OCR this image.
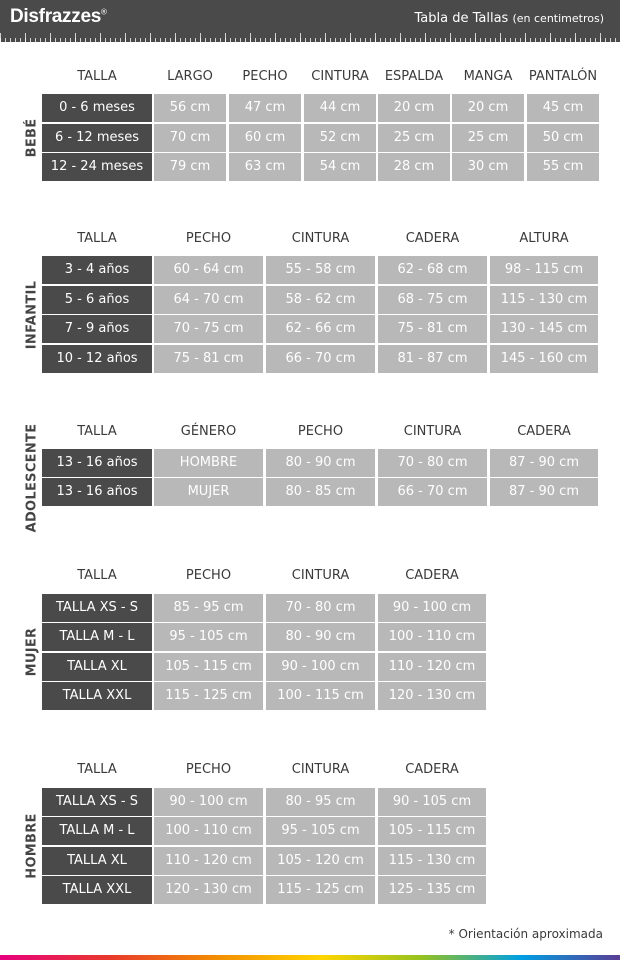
Disfrazzes®	Tabla de Tallas (en centimetros)
BEBÉ
TALLA	LARGO	PECHO	CINTURA	ESPALDA	MANGA	PANTALÓN
0 - 6 meses	56 cm	47 cm	44 cm	20 cm	20 cm	45 cm
6 - 12 meses	70 cm	60 cm	52 cm	25 cm	25 cm	50 cm
12 - 24 meses	79 cm	63 cm	54 cm	28 cm	30 cm	55 cm
INFANTIL
TALLA	PECHO	CINTURA	CADERA	ALTURA
3 - 4 años	60 - 64 cm	55 - 58 cm	62 - 68 cm	98 - 115 cm
5 - 6 años	64 - 70 cm	58 - 62 cm	68 - 75 cm	115 - 130 cm
7 - 9 años	70 - 75 cm	62 - 66 cm	75 - 81 cm	130 - 145 cm
10 - 12 años	75 - 81 cm	66 - 70 cm	81 - 87 cm	145 - 160 cm
ADOLESCENTE	TALLA	GÉNERO	PECHO	CINTURA	CADERA
13 - 16 años	HOMBRE	80 - 90 cm	70 - 80 cm	87 - 90 cm
13 - 16 años	MUJER	80 - 85 cm	66 - 70 cm	87 - 90 cm
MUJER
TALLA	PECHO	CINTURA	CADERA
TALLA XS - S	85 - 95 cm	70 - 80 cm	90 - 100 cm
TALLA M - L	95 - 105 cm	80 - 90 cm	100 - 110 cm
TALLA XL	105 - 115 cm	90 - 100 cm	110 - 120 cm
TALLA XXL	115 - 125 cm	100 - 115 cm	120 - 130 cm
HOMBRE
TALLA	PECHO	CINTURA	CADERA
TALLA XS - S	90 - 100 cm	80 - 95 cm	90 - 105 cm
TALLA M - L	100 - 110 cm	95 - 105 cm	105 - 115 cm
TALLA XL	110 - 120 cm	105 - 120 cm	115 - 130 cm
TALLA XXL	120 - 130 cm	115 - 125 cm	125 - 135 cm
* Orientación aproximada
